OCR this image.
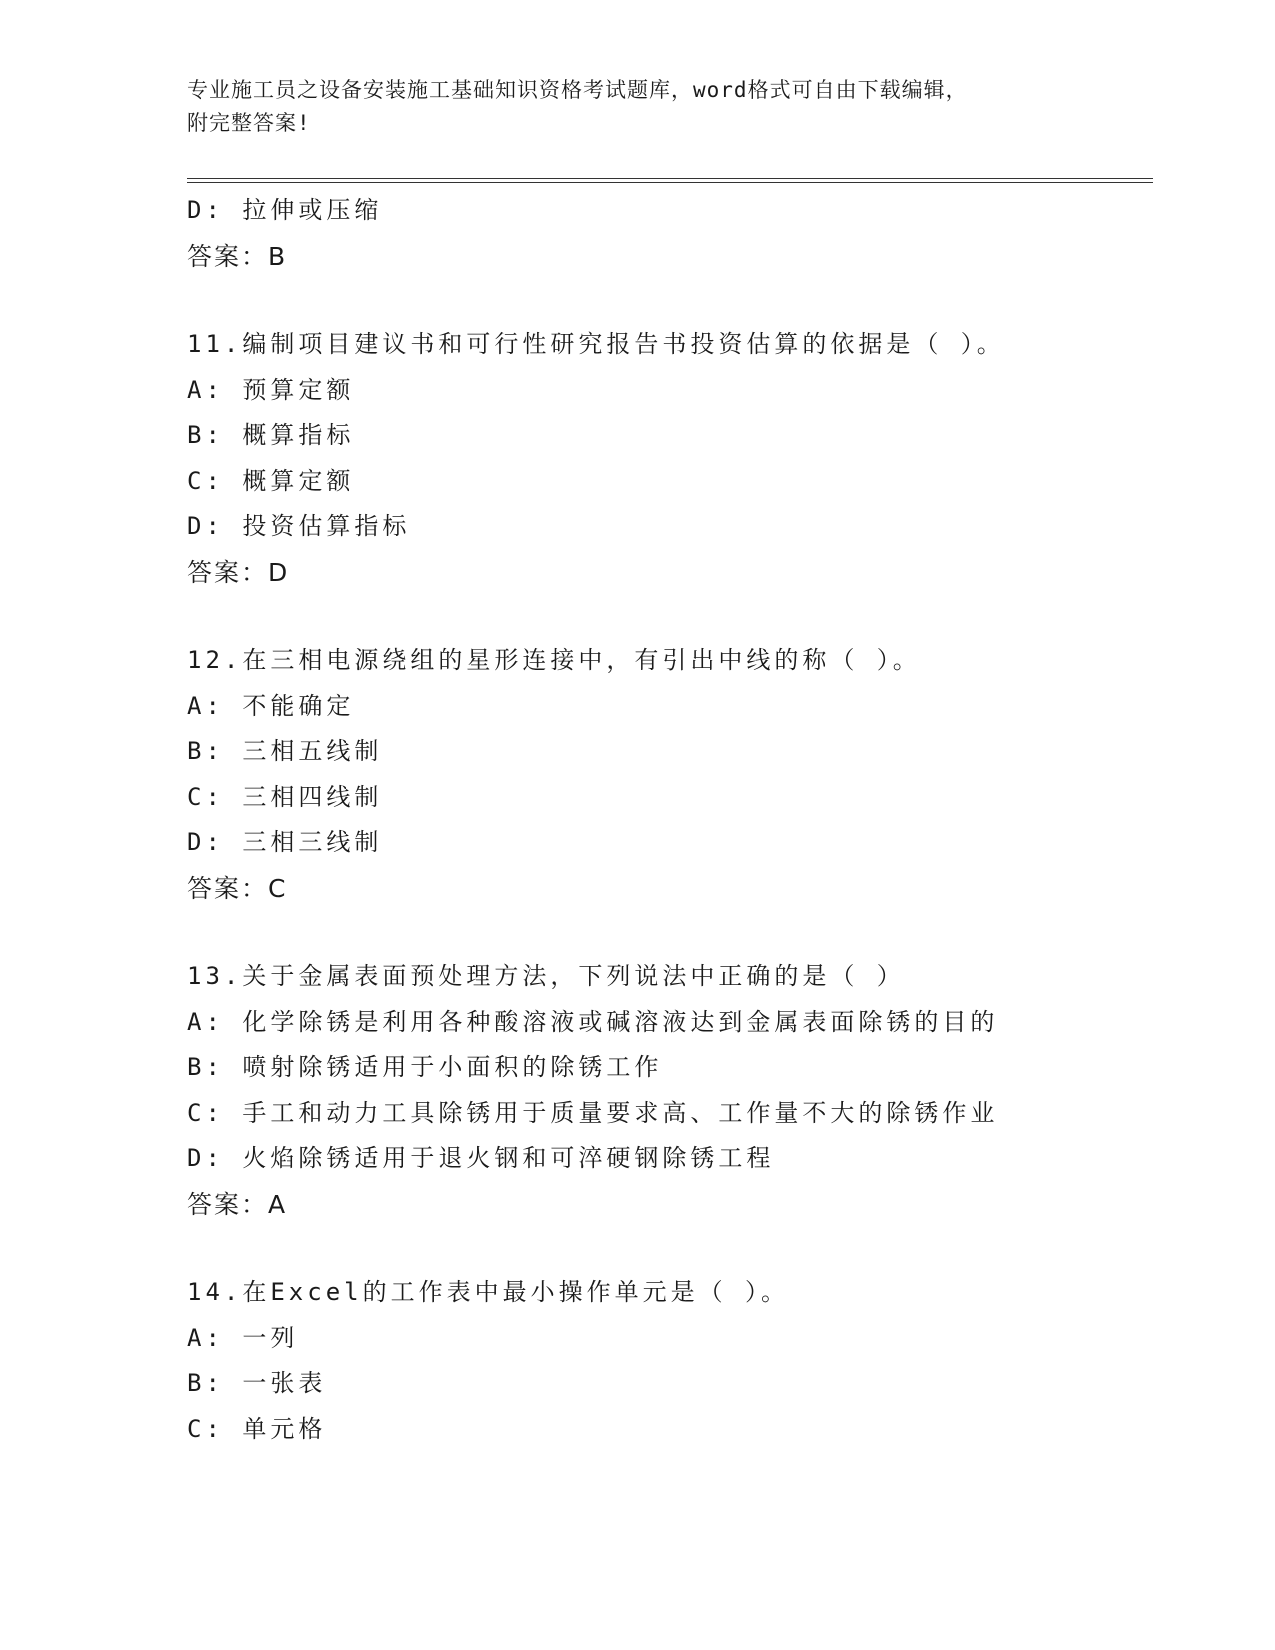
专业施工员之设备安装施工基础知识资格考试题库，word格式可自由下载编辑，
附完整答案!
D: 拉伸或压缩
答案：B
11.编制项目建议书和可行性研究报告书投资估算的依据是（ ）。
A: 预算定额
B: 概算指标
C: 概算定额
D: 投资估算指标
答案：D
12.在三相电源绕组的星形连接中，有引出中线的称（ ）。
A: 不能确定
B: 三相五线制
C: 三相四线制
D: 三相三线制
答案：C
13.关于金属表面预处理方法，下列说法中正确的是（ ）
A: 化学除锈是利用各种酸溶液或碱溶液达到金属表面除锈的目的
B: 喷射除锈适用于小面积的除锈工作
C: 手工和动力工具除锈用于质量要求高、工作量不大的除锈作业
D: 火焰除锈适用于退火钢和可淬硬钢除锈工程
答案：A
14.在Excel的工作表中最小操作单元是（ ）。
A: 一列
B: 一张表
C: 单元格
